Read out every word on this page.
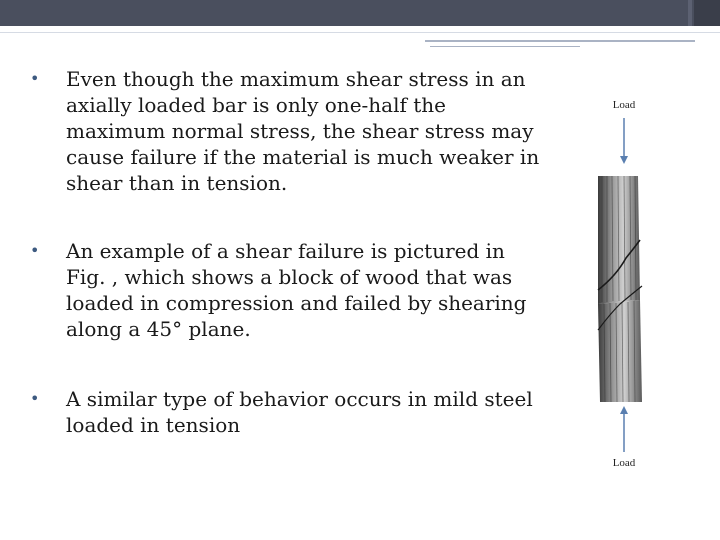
• Even though the maximum shear stress in an axially loaded bar is only one-half the maximum normal stress, the shear stress may cause failure if the material is much weaker in shear than in tension.
• An example of a shear failure is pictured in Fig. , which shows a block of wood that was loaded in compression and failed by shearing along a 45° plane.
• A similar type of behavior occurs in mild steel loaded in tension
Load
Load
